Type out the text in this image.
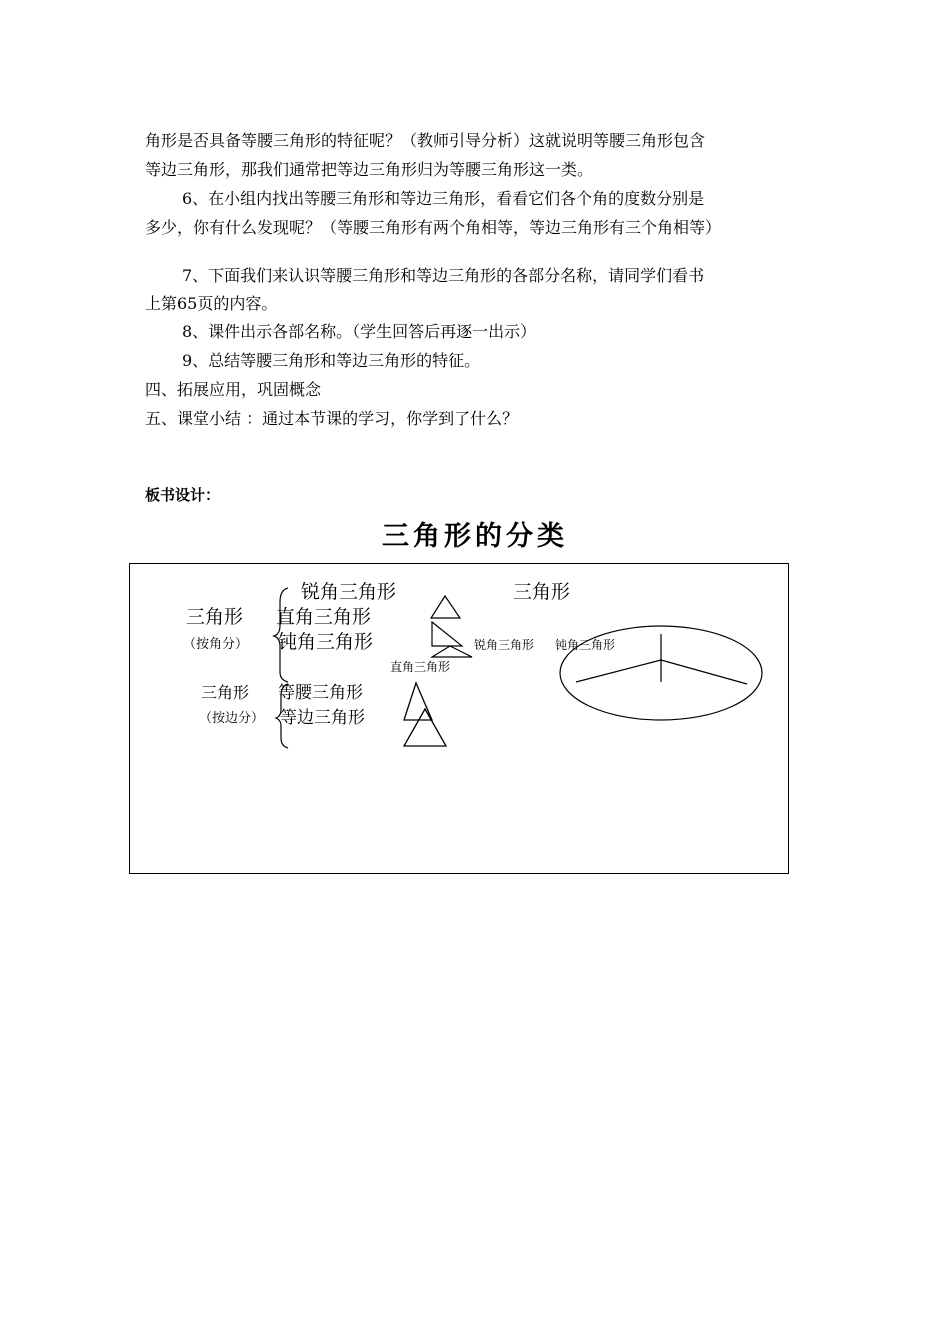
角形是否具备等腰三角形的特征呢？（教师引导分析）这就说明等腰三角形包含
等边三角形，那我们通常把等边三角形归为等腰三角形这一类。
6、在小组内找出等腰三角形和等边三角形，看看它们各个角的度数分别是
多少，你有什么发现呢？（等腰三角形有两个角相等，等边三角形有三个角相等）
7、下面我们来认识等腰三角形和等边三角形的各部分名称，请同学们看书
上第65页的内容。
8、课件出示各部名称。（学生回答后再逐一出示）
9、总结等腰三角形和等边三角形的特征。
四、拓展应用，巩固概念
五、课堂小结 ：通过本节课的学习，你学到了什么？
板书设计：
三角形的分类
锐角三角形	三角形
三角形 直角三角形
（按角分） 钝角三角形	锐角三角形 钝角三角形
直角三角形
三角形 等腰三角形
（按边分） 等边三角形
